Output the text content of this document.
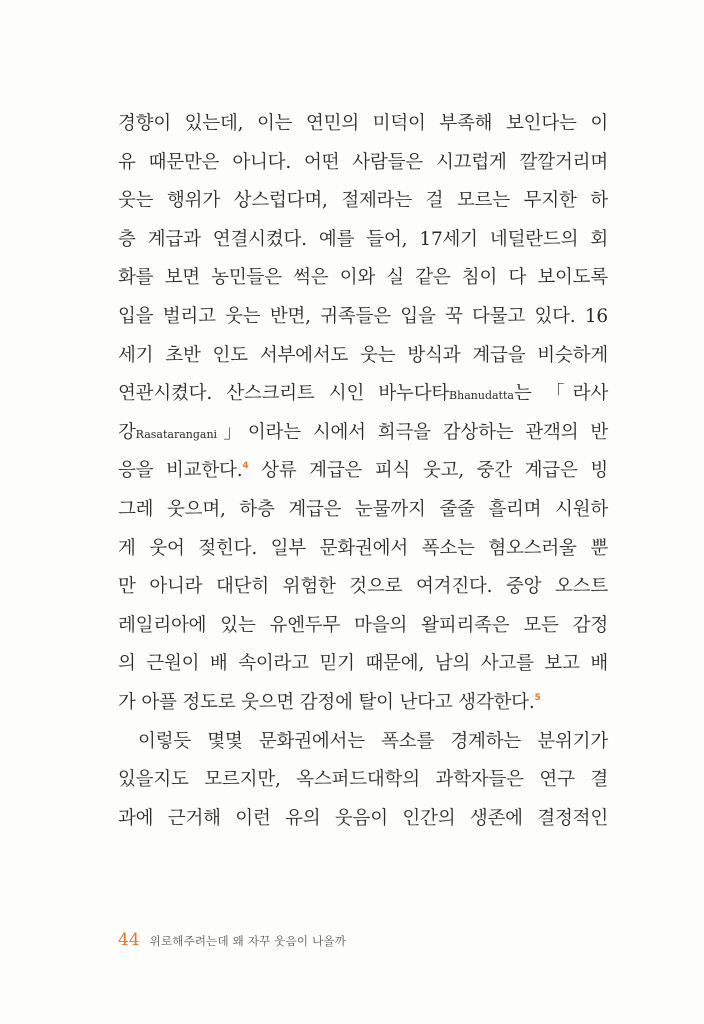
경향이 있는데, 이는 연민의 미덕이 부족해 보인다는 이
유 때문만은 아니다. 어떤 사람들은 시끄럽게 깔깔거리며
웃는 행위가 상스럽다며, 절제라는 걸 모르는 무지한 하
층 계급과 연결시켰다. 예를 들어, 17세기 네덜란드의 회
화를 보면 농민들은 썩은 이와 실 같은 침이 다 보이도록
입을 벌리고 웃는 반면, 귀족들은 입을 꾹 다물고 있다. 16
세기 초반 인도 서부에서도 웃는 방식과 계급을 비슷하게
연관시켰다. 산스크리트 시인 바누다타Bhanudatta는 「라사
강Rasatarangani」이라는 시에서 희극을 감상하는 관객의 반
응을 비교한다.$^4$ 상류 계급은 피식 웃고, 중간 계급은 빙
그레 웃으며, 하층 계급은 눈물까지 줄줄 흘리며 시원하
게 웃어 젖힌다. 일부 문화권에서 폭소는 혐오스러울 뿐
만 아니라 대단히 위험한 것으로 여겨진다. 중앙 오스트
레일리아에 있는 유엔두무 마을의 왈피리족은 모든 감정
의 근원이 배 속이라고 믿기 때문에, 남의 사고를 보고 배
가 아플 정도로 웃으면 감정에 탈이 난다고 생각한다.$^5$
이렇듯 몇몇 문화권에서는 폭소를 경계하는 분위기가
있을지도 모르지만, 옥스퍼드대학의 과학자들은 연구 결
과에 근거해 이런 유의 웃음이 인간의 생존에 결정적인
44 위로해주려는데 왜 자꾸 웃음이 나올까
